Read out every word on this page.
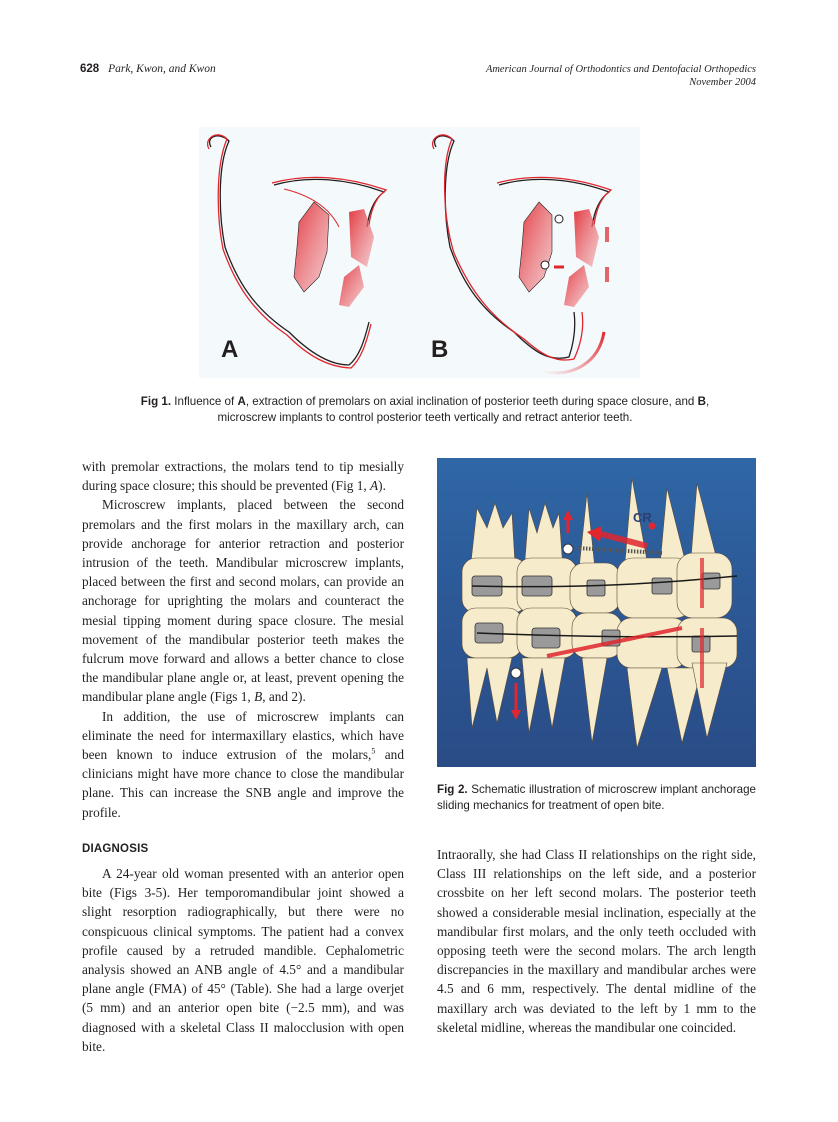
628 Park, Kwon, and Kwon	American Journal of Orthodontics and Dentofacial Orthopedics
November 2004
A	B
Fig 1. Influence of A, extraction of premolars on axial inclination of posterior teeth during space closure, and B, microscrew implants to control posterior teeth vertically and retract anterior teeth.

with premolar extractions, the molars tend to tip mesially during space closure; this should be prevented (Fig 1, A).

Microscrew implants, placed between the second premolars and the first molars in the maxillary arch, can provide anchorage for anterior retraction and posterior intrusion of the teeth. Mandibular microscrew implants, placed between the first and second molars, can provide an anchorage for uprighting the molars and counteract the mesial tipping moment during space closure. The mesial movement of the mandibular posterior teeth makes the fulcrum move forward and allows a better chance to close the mandibular plane angle or, at least, prevent opening the mandibular plane angle (Figs 1, B, and 2).

In addition, the use of microscrew implants can eliminate the need for intermaxillary elastics, which have been known to induce extrusion of the molars,$^5$ and clinicians might have more chance to close the mandibular plane. This can increase the SNB angle and improve the profile.

CR
Fig 2. Schematic illustration of microscrew implant anchorage sliding mechanics for treatment of open bite.
DIAGNOSIS

A 24-year old woman presented with an anterior open bite (Figs 3-5). Her temporomandibular joint showed a slight resorption radiographically, but there were no conspicuous clinical symptoms. The patient had a convex profile caused by a retruded mandible. Cephalometric analysis showed an ANB angle of 4.5° and a mandibular plane angle (FMA) of 45° (Table). She had a large overjet (5 mm) and an anterior open bite (−2.5 mm), and was diagnosed with a skeletal Class II malocclusion with open bite.

Intraorally, she had Class II relationships on the right side, Class III relationships on the left side, and a posterior crossbite on her left second molars. The posterior teeth showed a considerable mesial inclination, especially at the mandibular first molars, and the only teeth occluded with opposing teeth were the second molars. The arch length discrepancies in the maxillary and mandibular arches were 4.5 and 6 mm, respectively. The dental midline of the maxillary arch was deviated to the left by 1 mm to the skeletal midline, whereas the mandibular one coincided.
